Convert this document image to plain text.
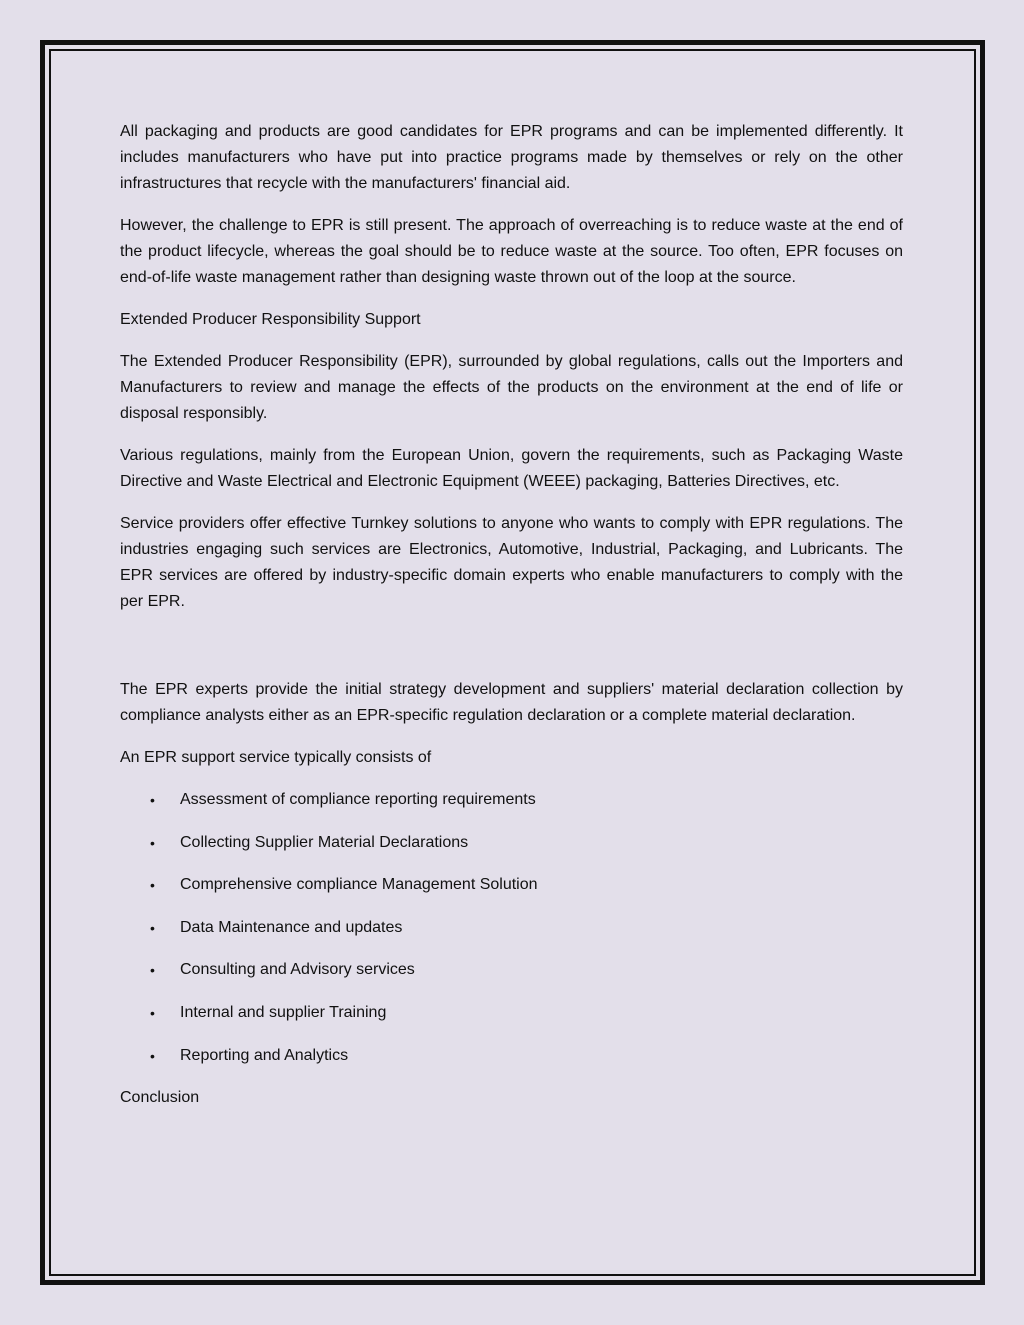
All packaging and products are good candidates for EPR programs and can be implemented differently. It includes manufacturers who have put into practice programs made by themselves or rely on the other infrastructures that recycle with the manufacturers' financial aid.

However, the challenge to EPR is still present. The approach of overreaching is to reduce waste at the end of the product lifecycle, whereas the goal should be to reduce waste at the source. Too often, EPR focuses on end-of-life waste management rather than designing waste thrown out of the loop at the source.

Extended Producer Responsibility Support

The Extended Producer Responsibility (EPR), surrounded by global regulations, calls out the Importers and Manufacturers to review and manage the effects of the products on the environment at the end of life or disposal responsibly.

Various regulations, mainly from the European Union, govern the requirements, such as Packaging Waste Directive and Waste Electrical and Electronic Equipment (WEEE) packaging, Batteries Directives, etc.

Service providers offer effective Turnkey solutions to anyone who wants to comply with EPR regulations. The industries engaging such services are Electronics, Automotive, Industrial, Packaging, and Lubricants. The EPR services are offered by industry-specific domain experts who enable manufacturers to comply with the per EPR.

The EPR experts provide the initial strategy development and suppliers' material declaration collection by compliance analysts either as an EPR-specific regulation declaration or a complete material declaration.

An EPR support service typically consists of

• Assessment of compliance reporting requirements
• Collecting Supplier Material Declarations
• Comprehensive compliance Management Solution
• Data Maintenance and updates
• Consulting and Advisory services
• Internal and supplier Training
• Reporting and Analytics

Conclusion
